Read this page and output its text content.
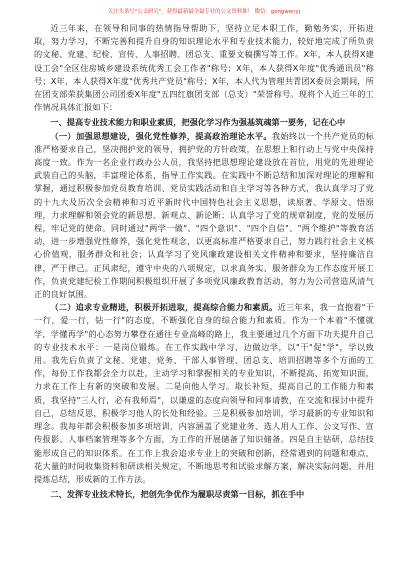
关注头条号"公文研究"，获得最新最全最专业的公文资料推！ 微信：gongwenyj

近三年来，在领导和同事的热情指导帮助下，坚持立足本职工作，勤勉务实，开拓进取，努力学习，不断完善和提升自身的知识理论水平和专业技术能力，较好地完成了所负责的文秘、党建、纪检、宣传、人事招聘、团总支、重要文稿撰写等工作。X年，本人获得X建设工会"全区住房城乡建设系统优秀工会工作者"称号；X年，本人获得X年度"优秀通讯员"称号；X年，本人获得X年度"优秀共产党员"称号；X年，本人代为管理共青团X委员会期间，所在团支部荣获集团公司团委X年度"五四红旗团支部（总支）"荣誉称号。现将个人近三年的工作情况具体汇报如下：

一、提高专业技术能力和职业素质，把强化学习作为强基筑魂第一要务，记在心中

（一）加强思想建设，强化党性修养，提高政治理论水平。我始终以一个共产党员的标准严格要求自己，坚决拥护党的领导，拥护党的方针政策，在思想上和行动上与党中央保持高度一致。作为一名企业行政办公人员，我坚持把思想理论建设放在首位，用党的先进理论武装自己的头脑，丰富理论体系，指导工作实践。在实践中不断总结和加深对理论的理解和掌握，通过积极参加党员教育培训、党员实践活动和自主学习等各种方式，我认真学习了党的十九大及历次全会精神和习近平新时代中国特色社会主义思想，读原著、学原文、悟原理，力求理解和领会党的新思想、新观点、新论断；认真学习了党的规章制度，党的发展历程，牢记党的使命。同时通过"两学一做"、"四个意识"、"四个自信"、"两个维护"等教育活动，进一步增强党性修养，强化党性观念，以更高标准严格要求自己，努力践行社会主义核心价值观，服务群众和社会；认真学习了党风廉政建设相关文件精神和要求，坚持廉洁自律，严于律己。正风肃纪，遵守中央的八项规定，以求真务实、服务群众为工作态度开展工作，负责党建纪检工作期间积极组织开展了多项党风廉政教育活动，努力为公司营造风清气正的良好氛围。

（二）追求专业精进，积极开拓进取，提高综合能力和素质。近三年来，我一直抱着"干一行，爱一行，钻一行"的态度，不断强化自身的综合能力和素质。作为一个本着"不懂就学，学懂再学"的心态努力攀登在通往专业高峰的路上，我主要通过几个方面下功夫提升自己的专业技术水平：一是岗位锻炼。在工作实践中学习，边做边学，以"干"促"学"，学以致用。我先后负责了文秘、党建、党务、干部人事管理、团总支、培训招聘等多个方面的工作，每份工作我都会全力以赴，主动学习和掌握相关的专业知识，不断提高、拓宽知识面，力求在工作上有新的突破和发展。二是向他人学习。取长补短，提高自己的工作能力和素质，我坚持"三人行，必有我师焉"，以谦虚的态度向领导和同事请教，在交流和探讨中提升自己，总结反思，积极学习他人的长处和经验。三是积极参加培训，学习最新的专业知识和理念。我每年都会积极参加多项培训，内容涵盖了党建业务、选人用人工作、公文写作、宣传报影、人事档案管理等多个方面，为工作的开展储备了知识储备。四是自主钻研，总结技能形成自己的知识体系。在工作上我会追求专业上的突破和创新，经常遇到的问题和难点，花大量的时间收集资料和研读相关规定，不断地思考和试验求解方案，解决实际问题，并用提炼总结，形成新的工作方法。

二、发挥专业技术特长，把创先争优作为履职尽责第一目标，抓在手中
